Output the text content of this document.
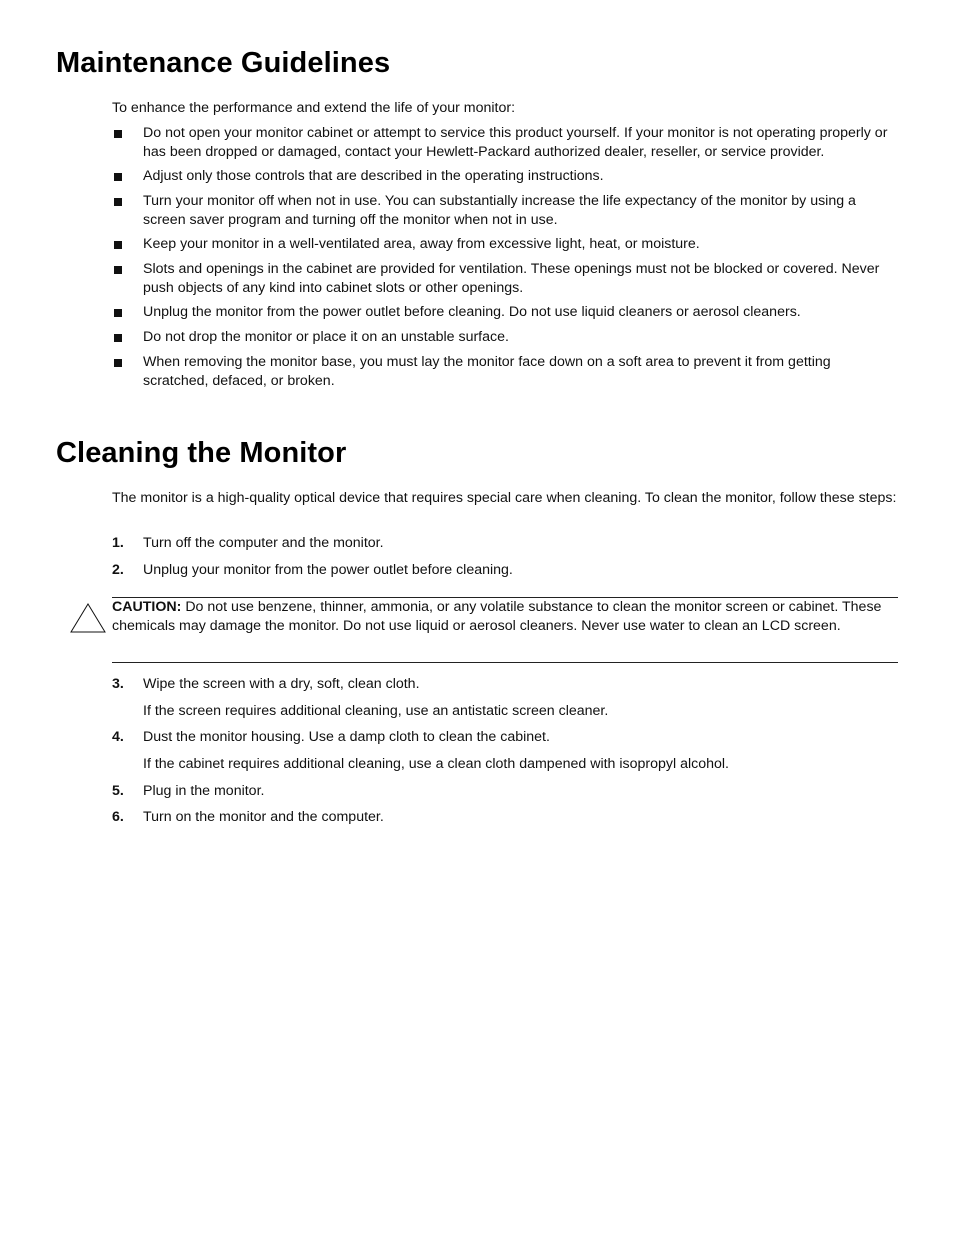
Maintenance Guidelines

To enhance the performance and extend the life of your monitor:

Do not open your monitor cabinet or attempt to service this product yourself. If your monitor is not operating properly or has been dropped or damaged, contact your Hewlett-Packard authorized dealer, reseller, or service provider.
Adjust only those controls that are described in the operating instructions.
Turn your monitor off when not in use. You can substantially increase the life expectancy of the monitor by using a screen saver program and turning off the monitor when not in use.
Keep your monitor in a well-ventilated area, away from excessive light, heat, or moisture.
Slots and openings in the cabinet are provided for ventilation. These openings must not be blocked or covered. Never push objects of any kind into cabinet slots or other openings.
Unplug the monitor from the power outlet before cleaning. Do not use liquid cleaners or aerosol cleaners.
Do not drop the monitor or place it on an unstable surface.
When removing the monitor base, you must lay the monitor face down on a soft area to prevent it from getting scratched, defaced, or broken.
Cleaning the Monitor

The monitor is a high-quality optical device that requires special care when cleaning. To clean the monitor, follow these steps:

1. Turn off the computer and the monitor.
2. Unplug your monitor from the power outlet before cleaning.
CAUTION: Do not use benzene, thinner, ammonia, or any volatile substance to clean the monitor screen or cabinet. These chemicals may damage the monitor. Do not use liquid or aerosol cleaners. Never use water to clean an LCD screen.
3. Wipe the screen with a dry, soft, clean cloth.
If the screen requires additional cleaning, use an antistatic screen cleaner.
4. Dust the monitor housing. Use a damp cloth to clean the cabinet.
If the cabinet requires additional cleaning, use a clean cloth dampened with isopropyl alcohol.
5. Plug in the monitor.
6. Turn on the monitor and the computer.
